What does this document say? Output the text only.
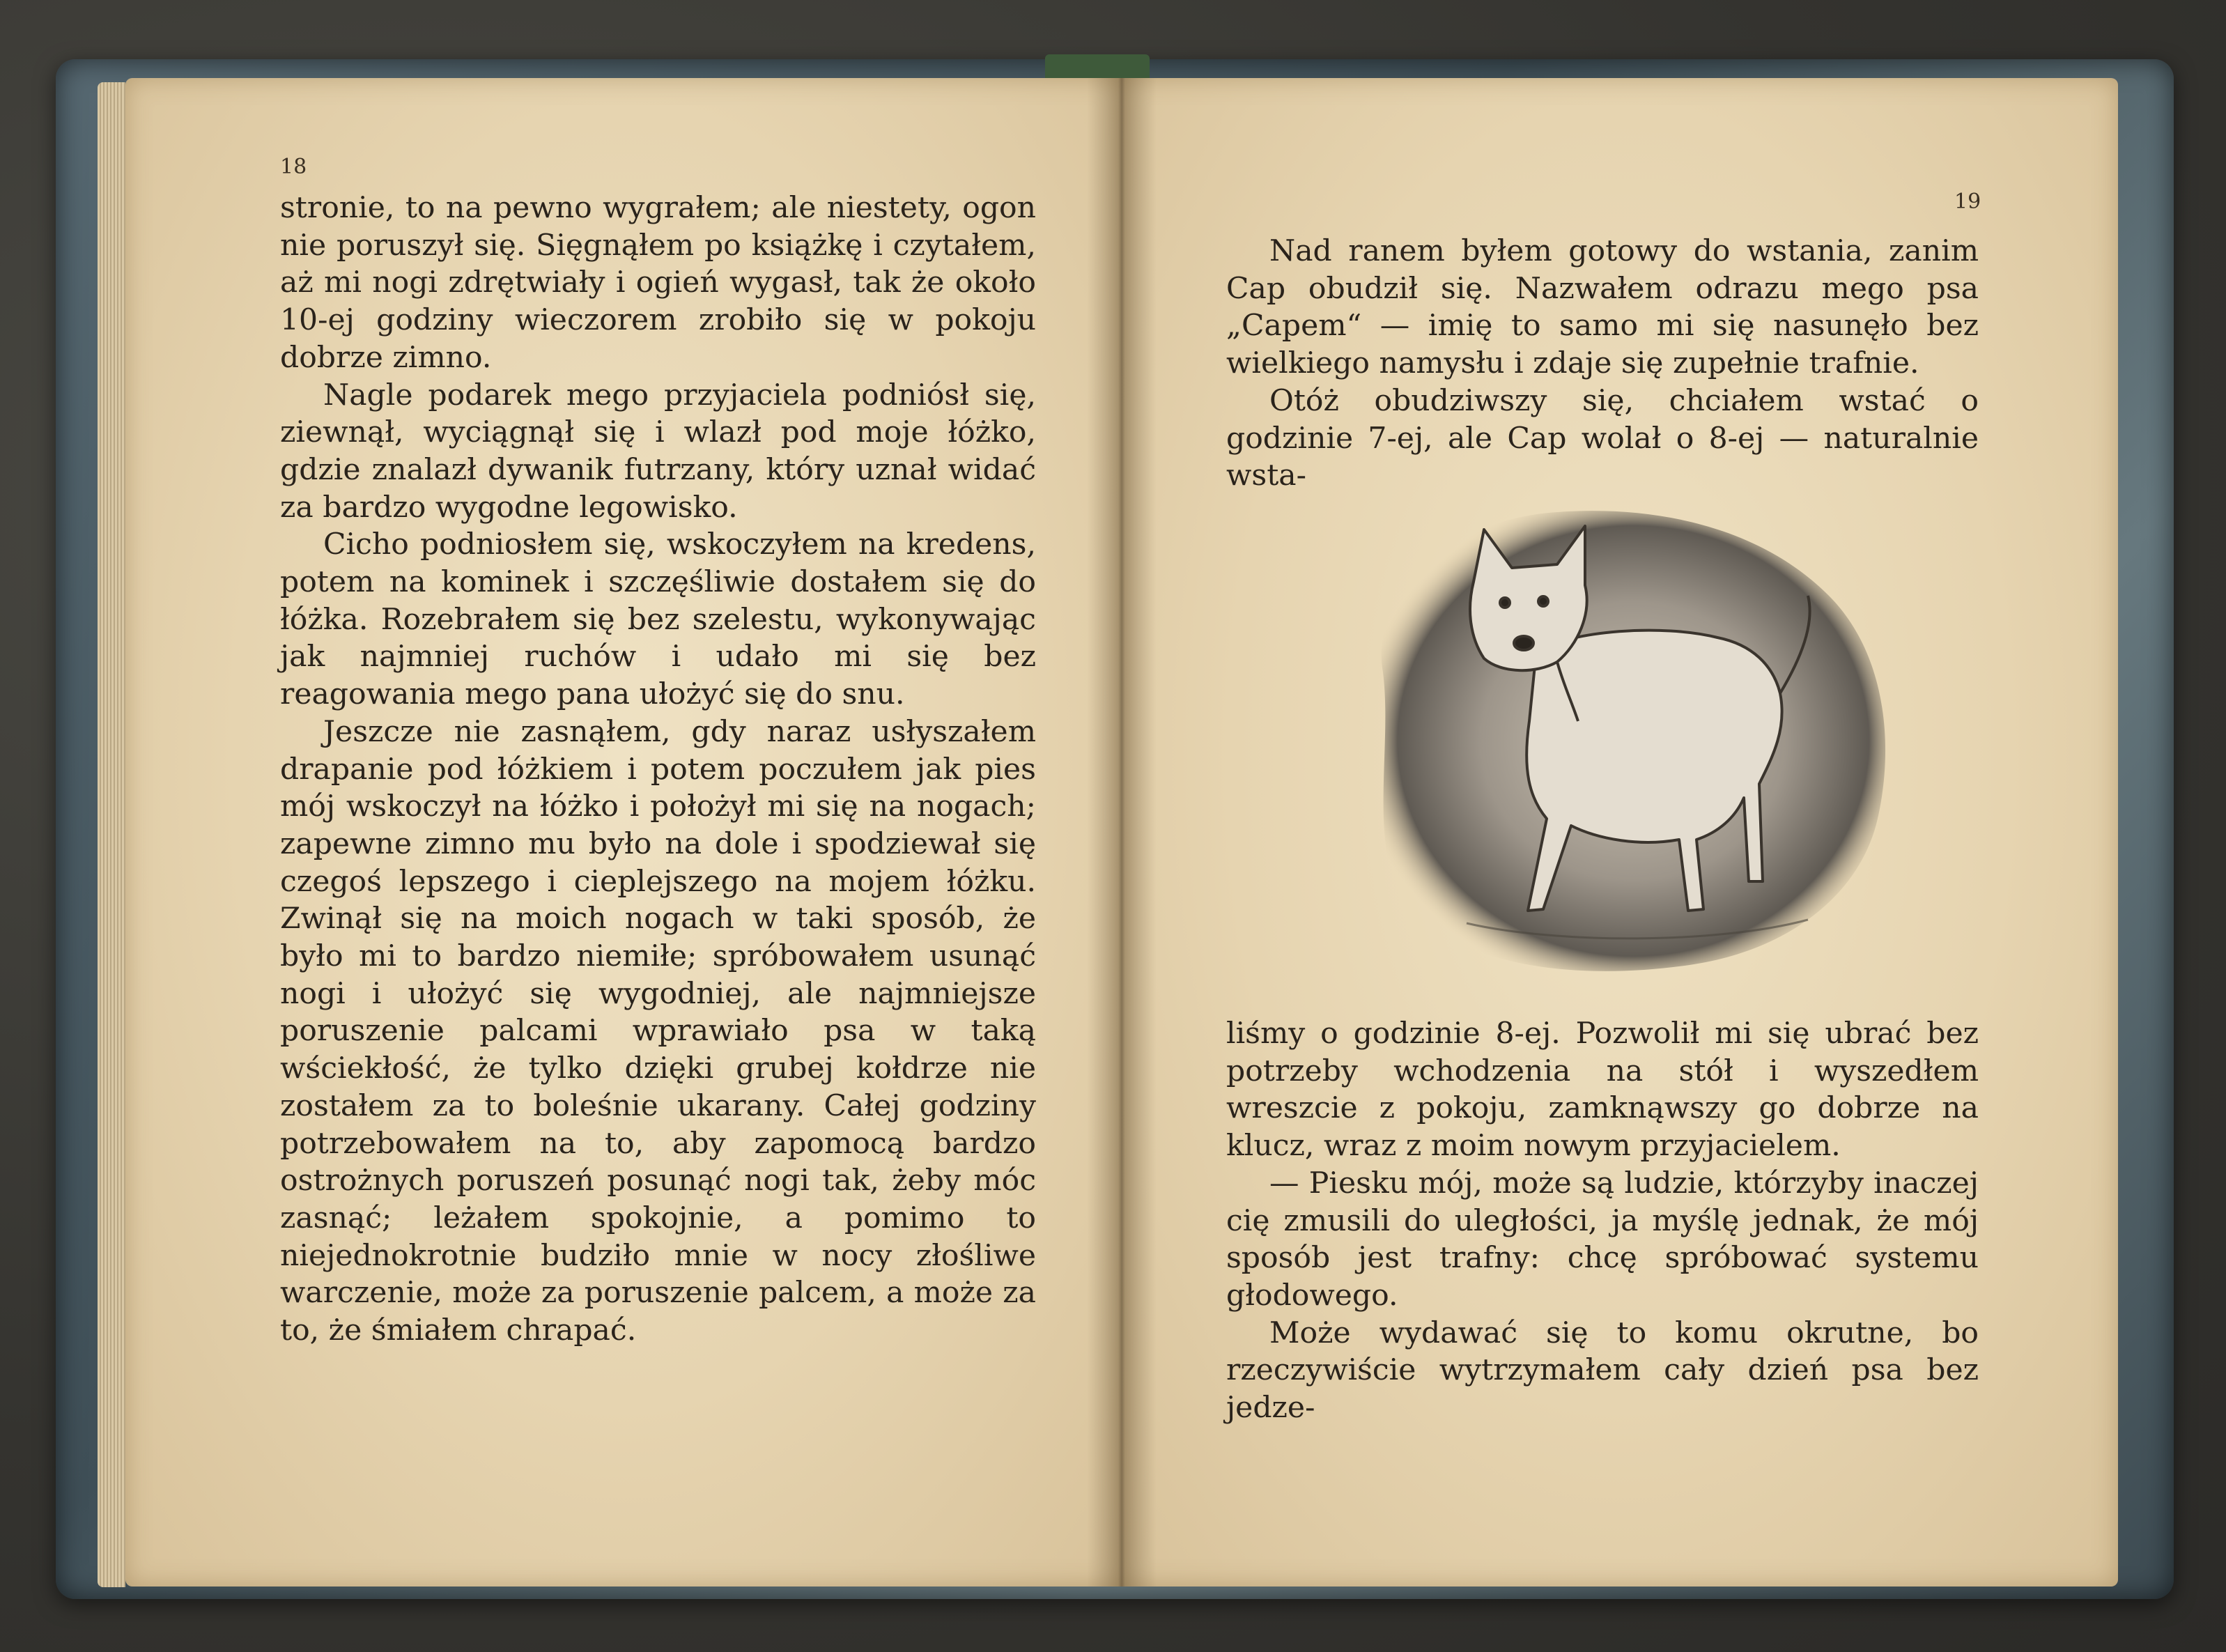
18

stronie, to na pewno wygrałem; ale niestety, ogon nie poruszył się. Sięgnąłem po książkę i czytałem, aż mi nogi zdrętwiały i ogień wygasł, tak że około 10-ej godziny wieczorem zrobiło się w pokoju dobrze zimno.

Nagle podarek mego przyjaciela podniósł się, ziewnął, wyciągnął się i wlazł pod moje łóżko, gdzie znalazł dywanik futrzany, który uznał widać za bardzo wygodne legowisko.

Cicho podniosłem się, wskoczyłem na kredens, potem na kominek i szczęśliwie dostałem się do łóżka. Rozebrałem się bez szelestu, wykonywając jak najmniej ruchów i udało mi się bez reagowania mego pana ułożyć się do snu.

Jeszcze nie zasnąłem, gdy naraz usłyszałem drapanie pod łóżkiem i potem poczułem jak pies mój wskoczył na łóżko i położył mi się na nogach; zapewne zimno mu było na dole i spodziewał się czegoś lepszego i cieplejszego na mojem łóżku. Zwinął się na moich nogach w taki sposób, że było mi to bardzo niemiłe; spróbowałem usunąć nogi i ułożyć się wygodniej, ale najmniejsze poruszenie palcami wprawiało psa w taką wściekłość, że tylko dzięki grubej kołdrze nie zostałem za to boleśnie ukarany. Całej godziny potrzebowałem na to, aby zapomocą bardzo ostrożnych poruszeń posunąć nogi tak, żeby móc zasnąć; leżałem spokojnie, a pomimo to niejednokrotnie budziło mnie w nocy złośliwe warczenie, może za poruszenie palcem, a może za to, że śmiałem chrapać.

19

Nad ranem byłem gotowy do wstania, zanim Cap obudził się. Nazwałem odrazu mego psa „Capem“ — imię to samo mi się nasunęło bez wielkiego namysłu i zdaje się zupełnie trafnie.

Otóż obudziwszy się, chciałem wstać o godzinie 7-ej, ale Cap wolał o 8-ej — naturalnie wsta-

liśmy o godzinie 8-ej. Pozwolił mi się ubrać bez potrzeby wchodzenia na stół i wyszedłem wreszcie z pokoju, zamknąwszy go dobrze na klucz, wraz z moim nowym przyjacielem.

— Piesku mój, może są ludzie, którzyby inaczej cię zmusili do uległości, ja myślę jednak, że mój sposób jest trafny: chcę spróbować systemu głodowego.

Może wydawać się to komu okrutne, bo rzeczywiście wytrzymałem cały dzień psa bez jedze-
